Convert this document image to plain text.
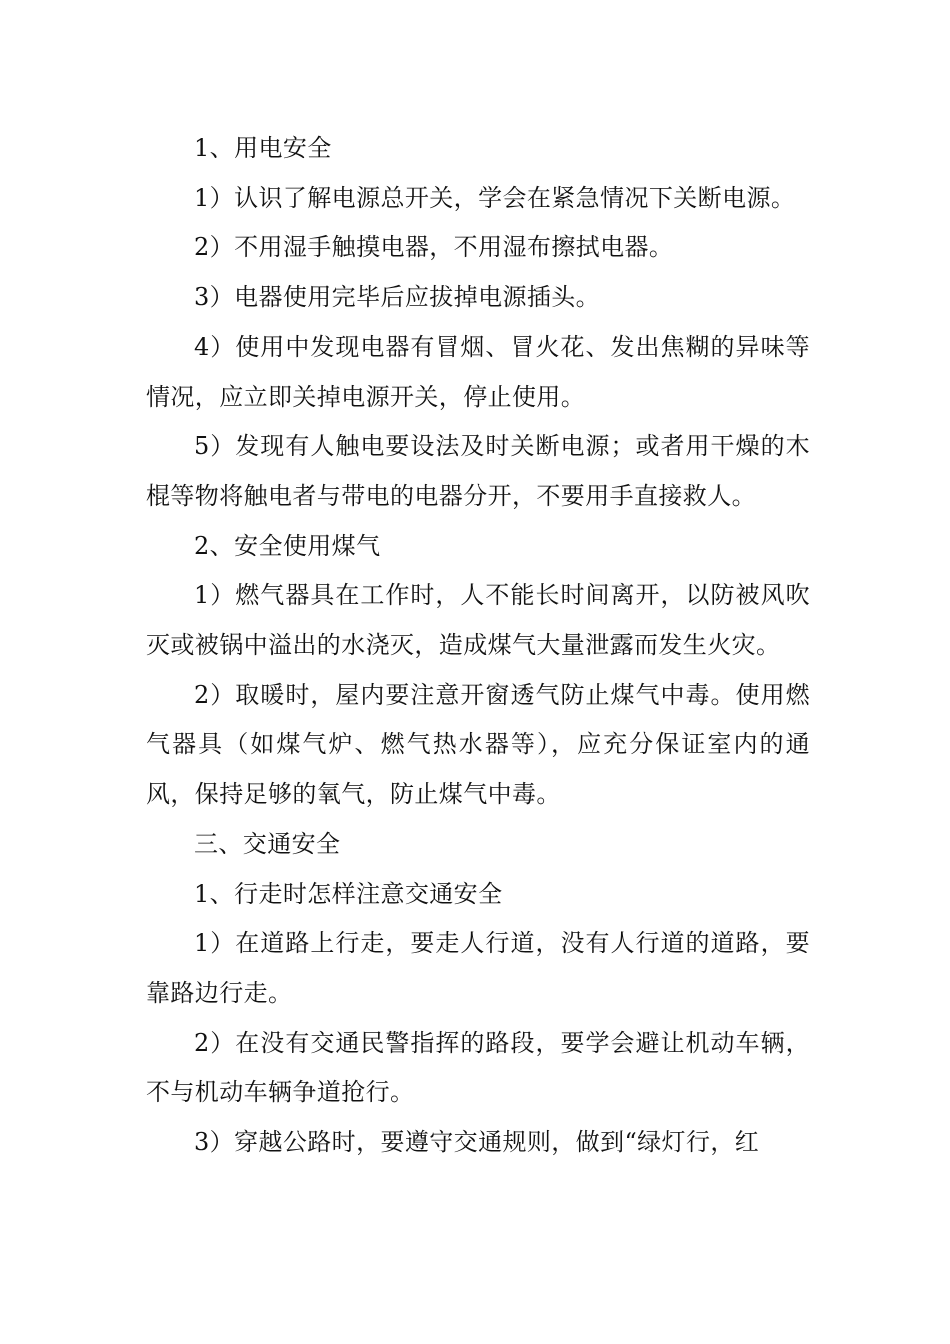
1、用电安全

1）认识了解电源总开关，学会在紧急情况下关断电源。

2）不用湿手触摸电器，不用湿布擦拭电器。

3）电器使用完毕后应拔掉电源插头。

4）使用中发现电器有冒烟、冒火花、发出焦糊的异味等情况，应立即关掉电源开关，停止使用。

5）发现有人触电要设法及时关断电源；或者用干燥的木棍等物将触电者与带电的电器分开，不要用手直接救人。

2、安全使用煤气

1）燃气器具在工作时，人不能长时间离开，以防被风吹灭或被锅中溢出的水浇灭，造成煤气大量泄露而发生火灾。

2）取暖时，屋内要注意开窗透气防止煤气中毒。使用燃气器具（如煤气炉、燃气热水器等），应充分保证室内的通风，保持足够的氧气，防止煤气中毒。

三、交通安全

1、行走时怎样注意交通安全

1）在道路上行走，要走人行道，没有人行道的道路，要靠路边行走。

2）在没有交通民警指挥的路段，要学会避让机动车辆，不与机动车辆争道抢行。

3）穿越公路时，要遵守交通规则，做到“绿灯行，红
